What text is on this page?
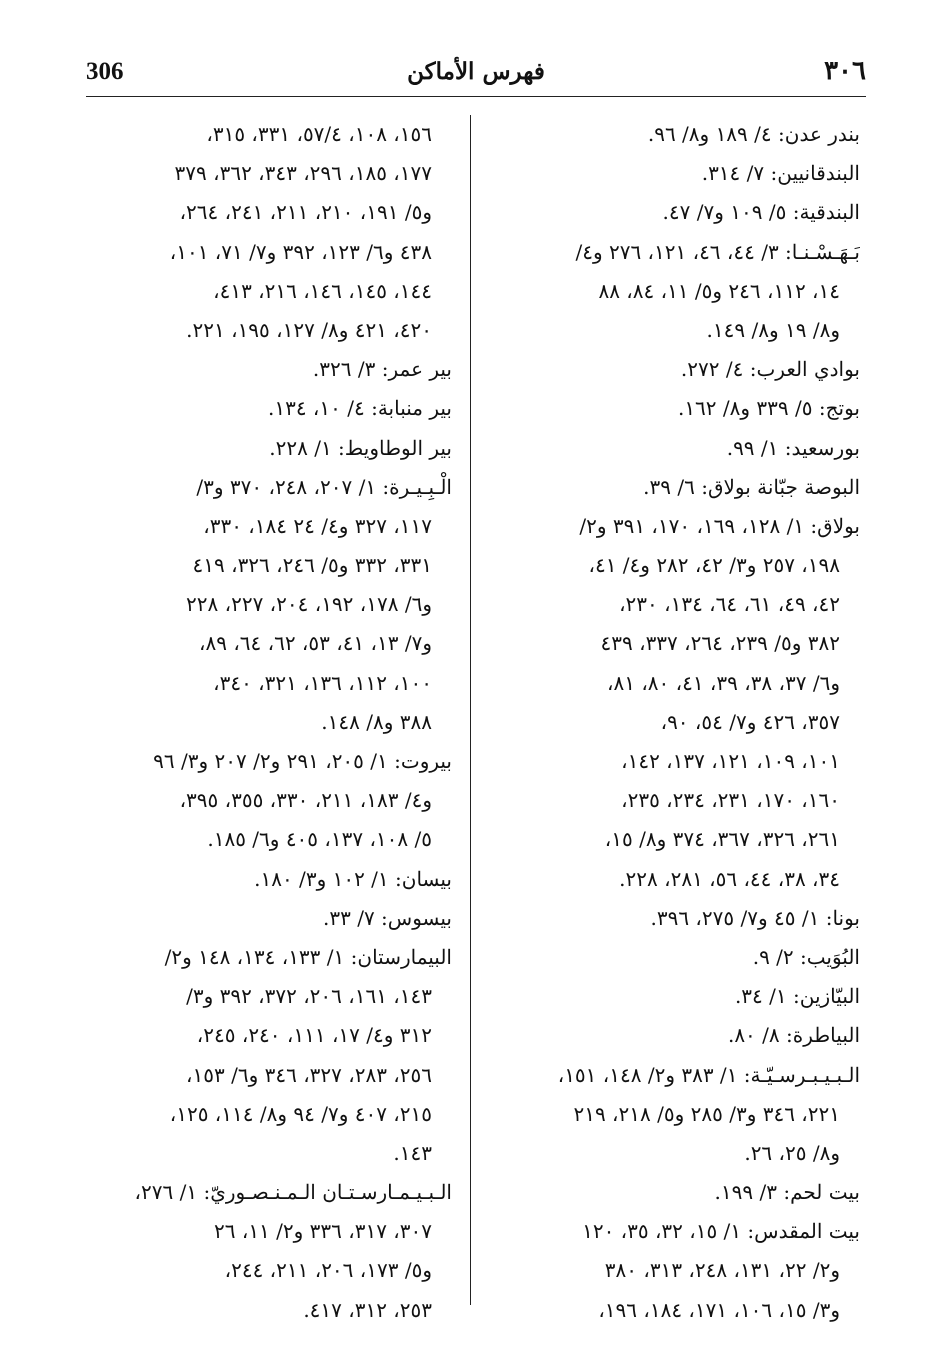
306	فهرس الأماكن	٣٠٦
بندر عدن: ٤/ ١٨٩ و٨/ ٩٦.
البندقانيين: ٧/ ٣١٤.
البندقية: ٥/ ١٠٩ و٧/ ٤٧.
بَـهَـسْـنـا: ٣/ ٤٤، ٤٦، ١٢١، ٢٧٦ و٤/
١٤، ١١٢، ٢٤٦ و٥/ ١١، ٨٤، ٨٨
و٨/ ١٩ و٨/ ١٤٩.
بوادي العرب: ٤/ ٢٧٢.
بوتج: ٥/ ٣٣٩ و٨/ ١٦٢.
بورسعيد: ١/ ٩٩.
البوصة جبّانة بولاق: ٦/ ٣٩.
بولاق: ١/ ١٢٨، ١٦٩، ١٧٠، ٣٩١ و٢/
١٩٨، ٢٥٧ و٣/ ٤٢، ٢٨٢ و٤/ ٤١،
٤٢، ٤٩، ٦١، ٦٤، ١٣٤، ٢٣٠،
٣٨٢ و٥/ ٢٣٩، ٢٦٤، ٣٣٧، ٤٣٩
و٦/ ٣٧، ٣٨، ٣٩، ٤١، ٨٠، ٨١،
٣٥٧، ٤٢٦ و٧/ ٥٤، ٩٠،
١٠١، ١٠٩، ١٢١، ١٣٧، ١٤٢،
١٦٠، ١٧٠، ٢٣١، ٢٣٤، ٢٣٥،
٢٦١، ٣٢٦، ٣٦٧، ٣٧٤ و٨/ ١٥،
٣٤، ٣٨، ٤٤، ٥٦، ٢٨١، ٢٢٨.
بونا: ١/ ٤٥ و٧/ ٢٧٥، ٣٩٦.
البُوَيب: ٢/ ٩.
البيّازين: ١/ ٣٤.
البياطرة: ٨/ ٨٠.
الـبـيـبـرسـيّـة: ١/ ٣٨٣ و٢/ ١٤٨، ١٥١،
٢٢١، ٣٤٦ و٣/ ٢٨٥ و٥/ ٢١٨، ٢١٩
و٨/ ٢٥، ٢٦.
بيت لحم: ٣/ ١٩٩.
بيت المقدس: ١/ ١٥، ٣٢، ٣٥، ١٢٠
و٢/ ٢٢، ١٣١، ٢٤٨، ٣١٣، ٣٨٠
و٣/ ١٥، ١٠٦، ١٧١، ١٨٤، ١٩٦،
١٥٦، ١٠٨، ٥٧/٤، ٣٣١، ٣١٥،
١٧٧، ١٨٥، ٢٩٦، ٣٤٣، ٣٦٢، ٣٧٩
و٥/ ١٩١، ٢١٠، ٢١١، ٢٤١، ٢٦٤،
٤٣٨ و٦/ ١٢٣، ٣٩٢ و٧/ ٧١، ١٠١،
١٤٤، ١٤٥، ١٤٦، ٢١٦، ٤١٣،
٤٢٠، ٤٢١ و٨/ ١٢٧، ١٩٥، ٢٢١.
بير عمر: ٣/ ٣٢٦.
بير منبابة: ٤/ ١٠، ١٣٤.
بير الوطاويط: ١/ ٢٢٨.
الْـبِـيـرة: ١/ ٢٠٧، ٢٤٨، ٣٧٠ و٣/
١١٧، ٣٢٧ و٤/ ٢٤ ١٨٤، ٣٣٠،
٣٣١، ٣٣٢ و٥/ ٢٤٦، ٣٢٦، ٤١٩
و٦/ ١٧٨، ١٩٢، ٢٠٤، ٢٢٧، ٢٢٨
و٧/ ١٣، ٤١، ٥٣، ٦٢، ٦٤، ٨٩،
١٠٠، ١١٢، ١٣٦، ٣٢١، ٣٤٠،
٣٨٨ و٨/ ١٤٨.
بيروت: ١/ ٢٠٥، ٢٩١ و٢/ ٢٠٧ و٣/ ٩٦
و٤/ ١٨٣، ٢١١، ٣٣٠، ٣٥٥، ٣٩٥،
٥/ ١٠٨، ١٣٧، ٤٠٥ و٦/ ١٨٥.
بيسان: ١/ ١٠٢ و٣/ ١٨٠.
بيسوس: ٧/ ٣٣.
البيمارستان: ١/ ١٣٣، ١٣٤، ١٤٨ و٢/
١٤٣، ١٦١، ٢٠٦، ٣٧٢، ٣٩٢ و٣/
٣١٢ و٤/ ١٧، ١١١، ٢٤٠، ٢٤٥،
٢٥٦، ٢٨٣، ٣٢٧، ٣٤٦ و٦/ ١٥٣،
٢١٥، ٤٠٧ و٧/ ٩٤ و٨/ ١١٤، ١٢٥،
١٤٣.
الـبـيـمـارسـتـان الـمـنـصـوريّ: ١/ ٢٧٦،
٣٠٧، ٣١٧، ٣٣٦ و٢/ ١١، ٢٦
و٥/ ١٧٣، ٢٠٦، ٢١١، ٢٤٤،
٢٥٣، ٣١٢، ٤١٧.
